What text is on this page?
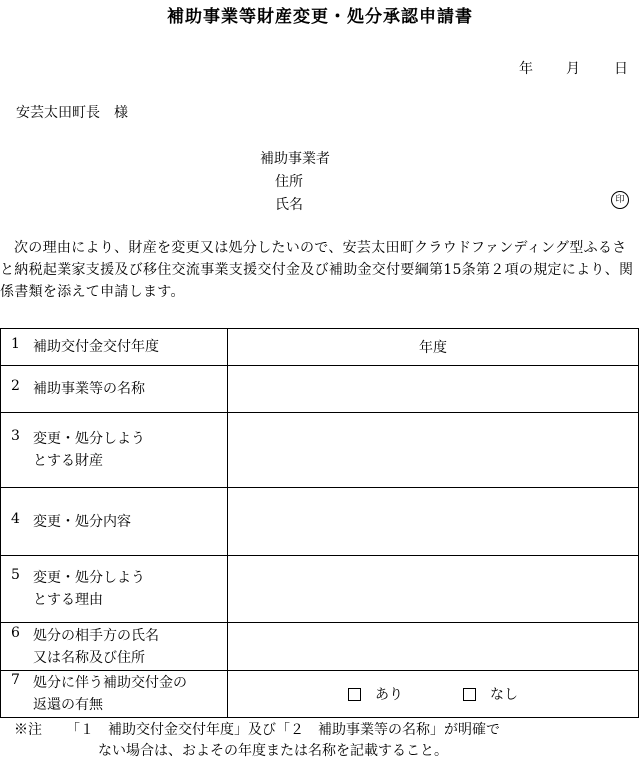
補助事業等財産変更・処分承認申請書
年 月 日
安芸太田町長　様
補助事業者
住所
氏名	印
次の理由により、財産を変更又は処分したいので、安芸太田町クラウドファンディング型ふるさと納税起業家支援及び移住交流事業支援交付金及び補助金交付要綱第15条第２項の規定により、関係書類を添えて申請します。
1 補助交付金交付年度	年度

2 補助事業等の名称	

3 変更・処分しよう
とする財産	

4 変更・処分内容	

5 変更・処分しよう
とする理由	

6 処分の相手方の氏名
又は名称及び住所	

7 処分に伴う補助交付金の
返還の有無	あり なし
※注 「１　補助交付金交付年度」及び「２　補助事業等の名称」が明確で
ない場合は、およその年度または名称を記載すること。
